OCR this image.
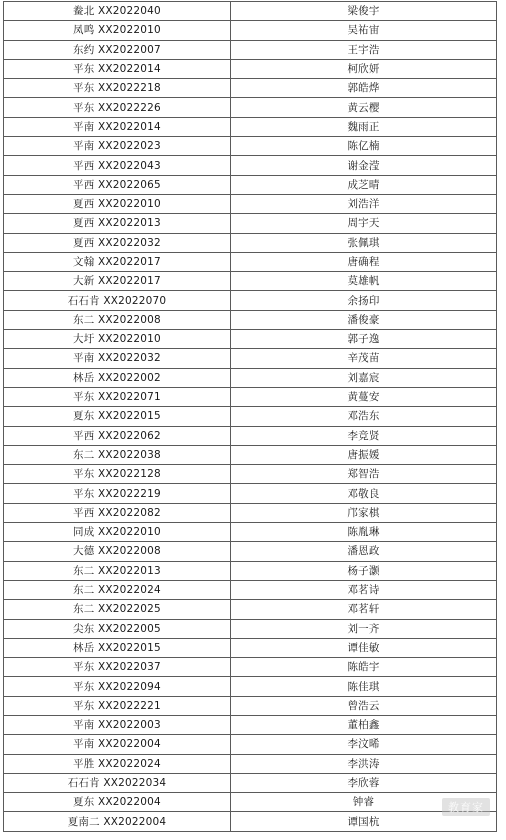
鲞北 XX2022040	梁俊宇
凤鸣 XX2022010	吴祐宙
东约 XX2022007	王宇浩
平东 XX2022014	柯欣妍
平东 XX2022218	郭皓烨
平东 XX2022226	黄云樱
平南 XX2022014	魏雨正
平南 XX2022023	陈亿楠
平西 XX2022043	谢金滢
平西 XX2022065	成芝晴
夏西 XX2022010	刘浩洋
夏西 XX2022013	周宇天
夏西 XX2022032	张佩琪
文翰 XX2022017	唐确程
大新 XX2022017	莫雄帆
石石肯 XX2022070	余扬印
东二 XX2022008	潘俊豪
大圩 XX2022010	郭子逸
平南 XX2022032	辛茂苗
林岳 XX2022002	刘嘉宸
平东 XX2022071	黄蔓安
夏东 XX2022015	邓浩东
平西 XX2022062	李竞贤
东二 XX2022038	唐振媛
平东 XX2022128	郑智浩
平东 XX2022219	邓敬良
平西 XX2022082	邝家棋
同成 XX2022010	陈胤琳
大德 XX2022008	潘恩政
东二 XX2022013	杨子灏
东二 XX2022024	邓茗诗
东二 XX2022025	邓茗轩
尖东 XX2022005	刘一齐
林岳 XX2022015	谭佳敏
平东 XX2022037	陈皓宇
平东 XX2022094	陈佳琪
平东 XX2022221	曾浩云
平南 XX2022003	董柏鑫
平南 XX2022004	李汶晞
平胜 XX2022024	李洪涛
石石肯 XX2022034	李欣蓉
夏东 XX2022004	钟睿
夏南二 XX2022004	谭国杭
教育家
